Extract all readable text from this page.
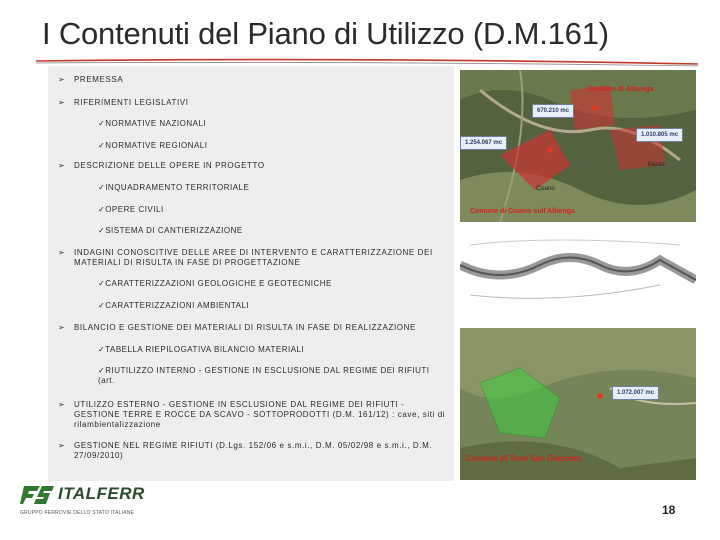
I Contenuti del Piano di Utilizzo (D.M.161)
➢	PREMESSA
➢	RIFERIMENTI LEGISLATIVI
✓NORMATIVE NAZIONALI
✓NORMATIVE REGIONALI
➢	DESCRIZIONE DELLE OPERE IN PROGETTO
✓INQUADRAMENTO TERRITORIALE
✓OPERE CIVILI
✓SISTEMA DI CANTIERIZZAZIONE
➢	INDAGINI CONOSCITIVE DELLE AREE DI INTERVENTO E CARATTERIZZAZIONE DEI MATERIALI DI RISULTA IN FASE DI PROGETTAZIONE
✓CARATTERIZZAZIONI GEOLOGICHE E GEOTECNICHE
✓CARATTERIZZAZIONI AMBIENTALI
➢	BILANCIO E GESTIONE DEI MATERIALI DI RISULTA IN FASE DI REALIZZAZIONE
✓TABELLA RIEPILOGATIVA BILANCIO MATERIALI
✓RIUTILIZZO INTERNO - GESTIONE IN ESCLUSIONE DAL REGIME DEI RIFIUTI (art.
➢	UTILIZZO ESTERNO - GESTIONE IN ESCLUSIONE DAL REGIME DEI RIFIUTI - GESTIONE TERRE E ROCCE DA SCAVO - SOTTOPRODOTTI (D.M. 161/12) : cave, siti di rilambientalizzazione
➢	GESTIONE NEL REGIME RIFIUTI (D.Lgs. 152/06 e s.m.i., D.M. 05/02/98 e s.m.i., D.M. 27/09/2010)
Comune di Albenga
Comune di Cisano sull'Albenga
Bastia
Cisano
670.210 mc
1.010.805 mc
1.254.067 mc
1.072.007 mc
Comune di Tovo San Giacomo
ITALFERR
GRUPPO FERROVIE DELLO STATO ITALIANE	18
